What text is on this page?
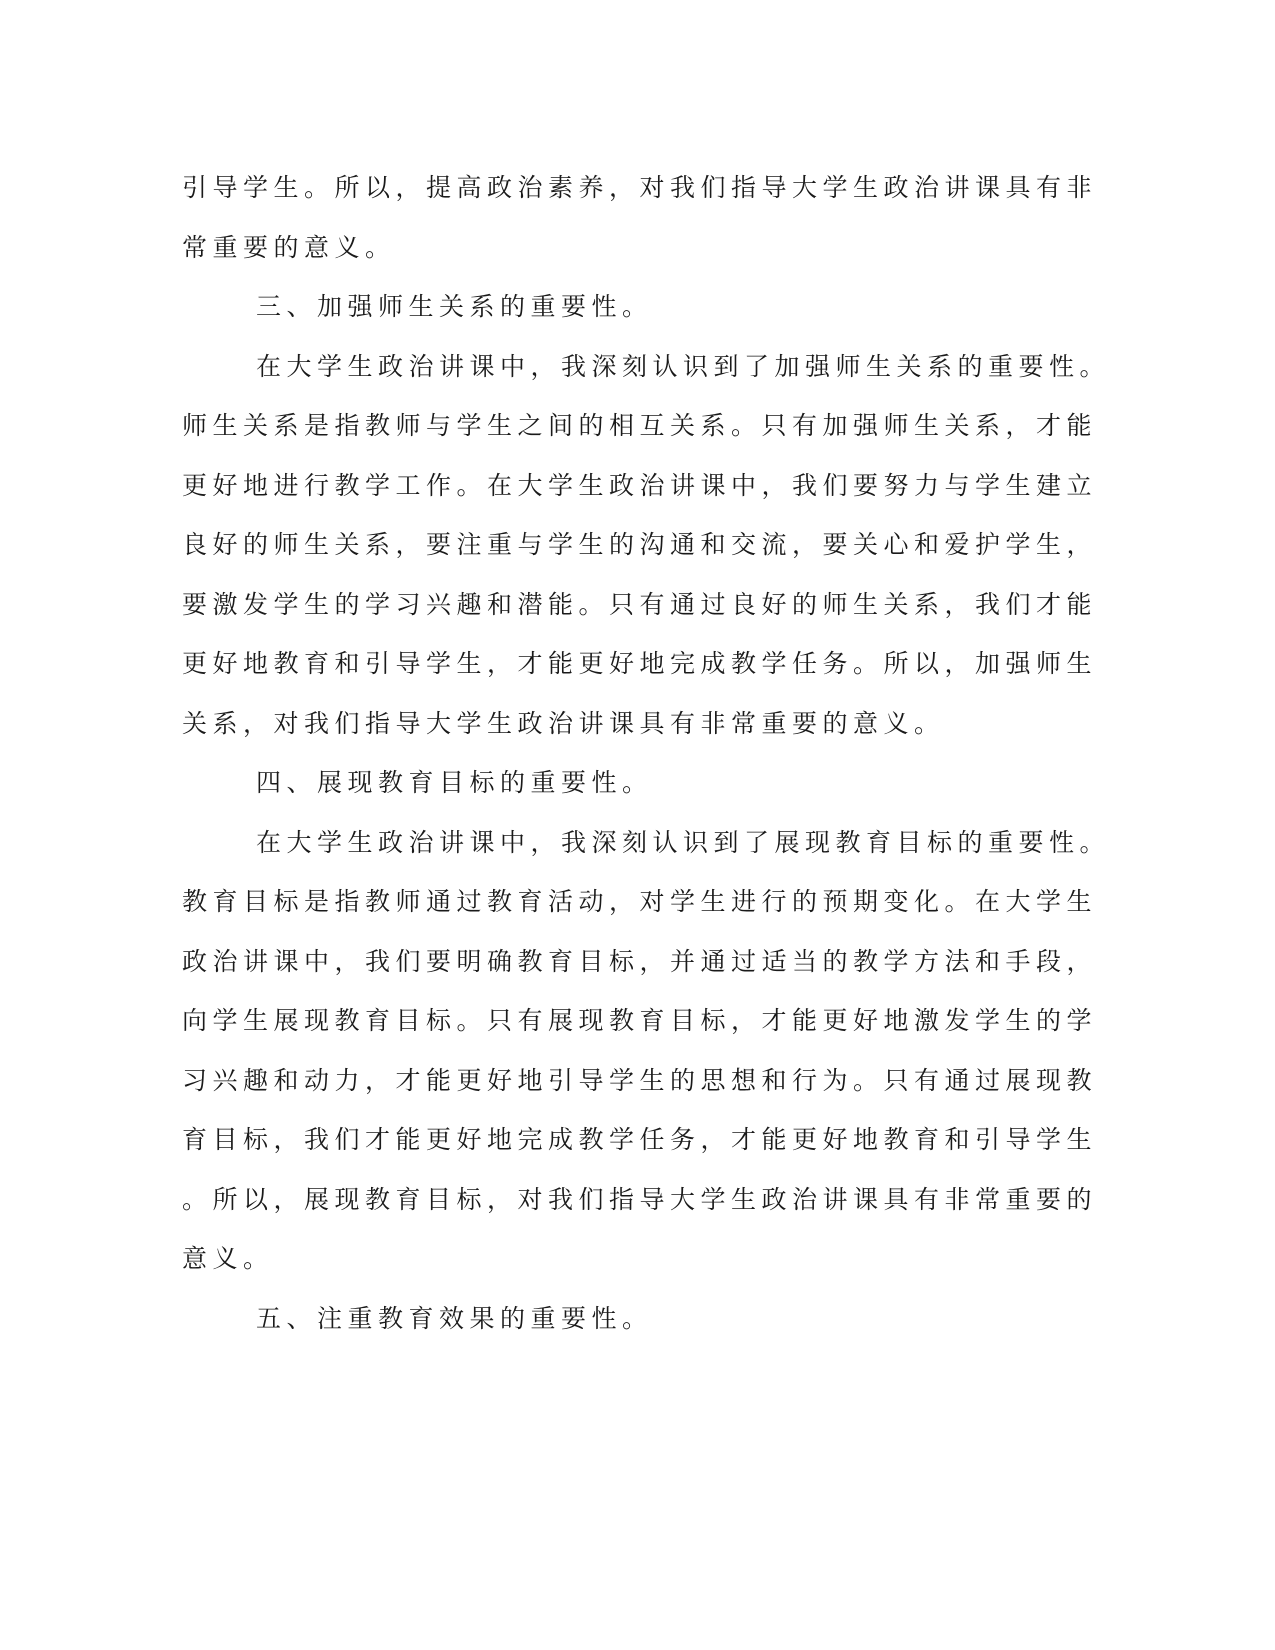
引导学生。所以，提高政治素养，对我们指导大学生政治讲课具有非
常重要的意义。
三、加强师生关系的重要性。
在大学生政治讲课中，我深刻认识到了加强师生关系的重要性。
师生关系是指教师与学生之间的相互关系。只有加强师生关系，才能
更好地进行教学工作。在大学生政治讲课中，我们要努力与学生建立
良好的师生关系，要注重与学生的沟通和交流，要关心和爱护学生，
要激发学生的学习兴趣和潜能。只有通过良好的师生关系，我们才能
更好地教育和引导学生，才能更好地完成教学任务。所以，加强师生
关系，对我们指导大学生政治讲课具有非常重要的意义。
四、展现教育目标的重要性。
在大学生政治讲课中，我深刻认识到了展现教育目标的重要性。
教育目标是指教师通过教育活动，对学生进行的预期变化。在大学生
政治讲课中，我们要明确教育目标，并通过适当的教学方法和手段，
向学生展现教育目标。只有展现教育目标，才能更好地激发学生的学
习兴趣和动力，才能更好地引导学生的思想和行为。只有通过展现教
育目标，我们才能更好地完成教学任务，才能更好地教育和引导学生
。所以，展现教育目标，对我们指导大学生政治讲课具有非常重要的
意义。
五、注重教育效果的重要性。
